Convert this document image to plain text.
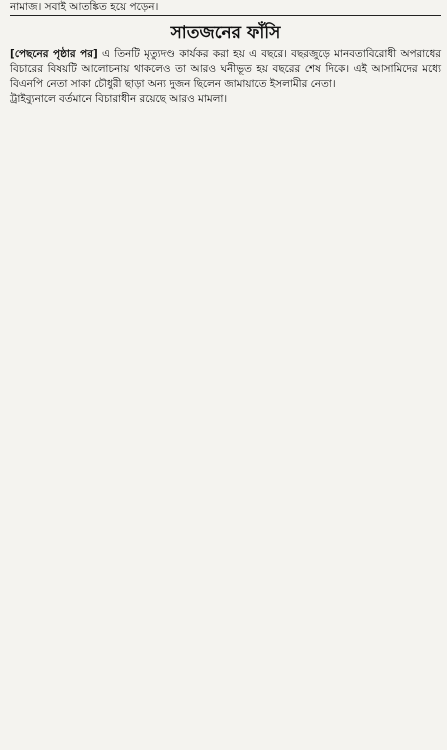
নামাজ। সবাই আতঙ্কিত হয়ে পড়েন।
সাতজনের ফাঁসি

[পেছনের পৃষ্ঠার পর] এ তিনটি মৃত্যুদণ্ড কার্যকর করা হয় এ বছরে। বছরজুড়ে মানবতাবিরোধী অপরাধের বিচারের বিষয়টি আলোচনায় থাকলেও তা আরও ঘনীভূত হয় বছরের শেষ দিকে। এই আসামিদের মধ্যে বিএনপি নেতা সাকা চৌধুরী ছাড়া অন্য দুজন ছিলেন জামায়াতে ইসলামীর নেতা।

ট্রাইব্যুনালে বর্তমানে বিচারাধীন রয়েছে আরও মামলা।
